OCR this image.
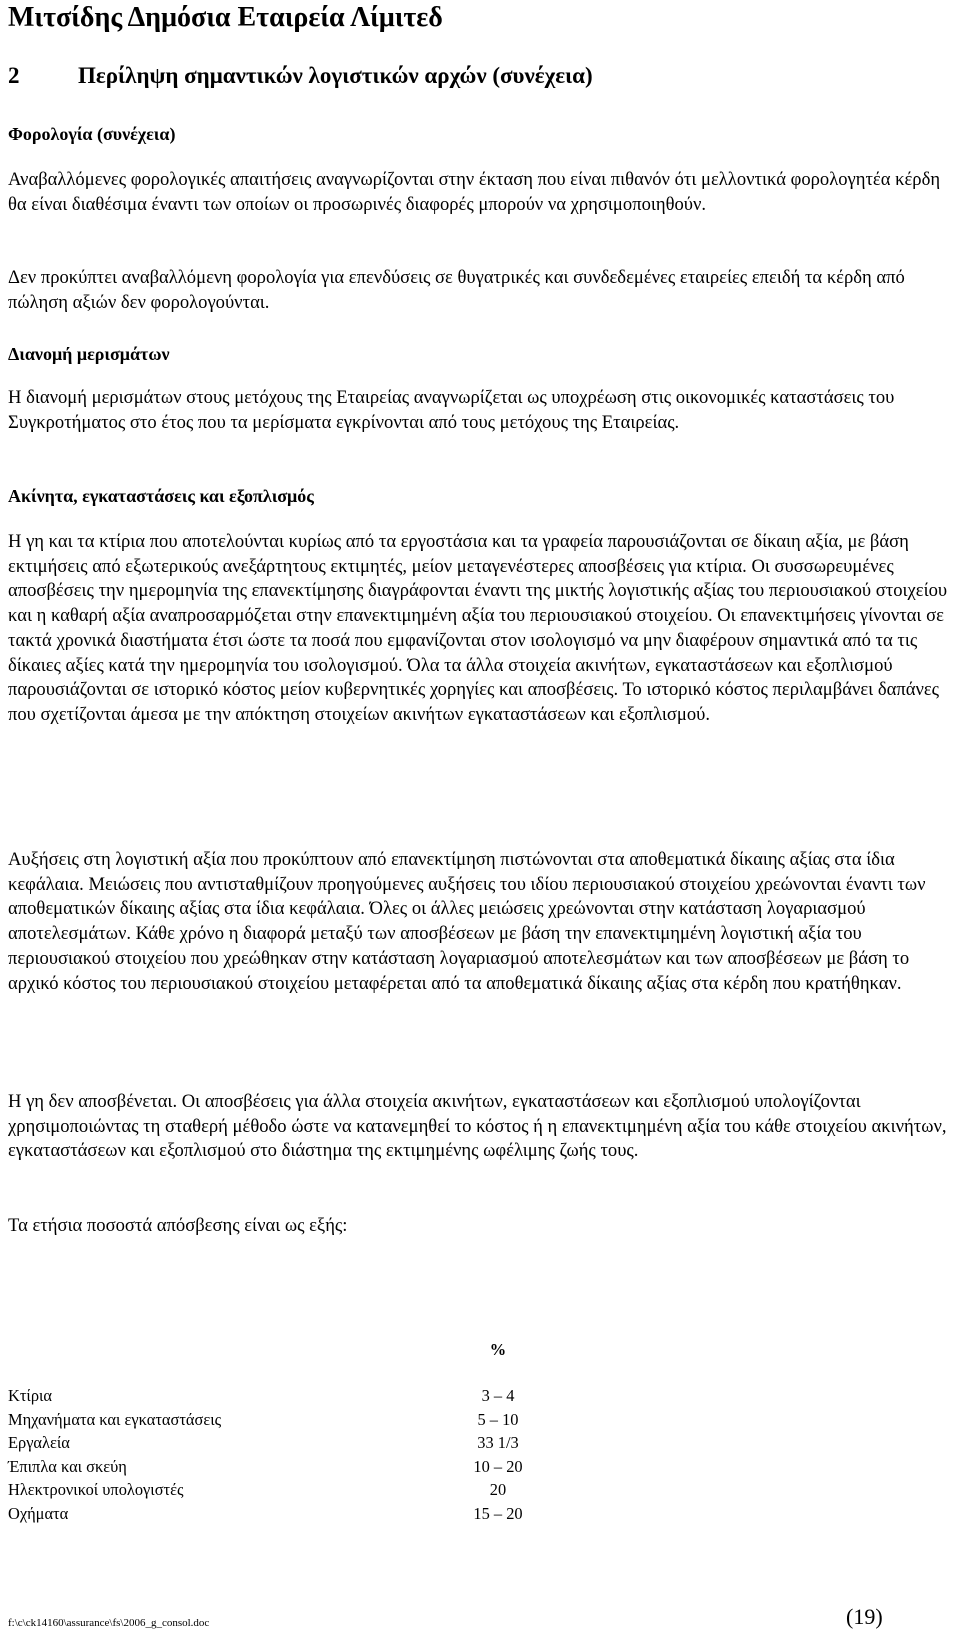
Μιτσίδης Δημόσια Εταιρεία Λίμιτεδ
2	Περίληψη σημαντικών λογιστικών αρχών (συνέχεια)
Φορολογία (συνέχεια)

Αναβαλλόμενες φορολογικές απαιτήσεις αναγνωρίζονται στην έκταση που είναι πιθανόν ότι μελλοντικά φορολογητέα κέρδη θα είναι διαθέσιμα έναντι των οποίων οι προσωρινές διαφορές μπορούν να χρησιμοποιηθούν.

Δεν προκύπτει αναβαλλόμενη φορολογία για επενδύσεις σε θυγατρικές και συνδεδεμένες εταιρείες επειδή τα κέρδη από πώληση αξιών δεν φορολογούνται.

Διανομή μερισμάτων

Η διανομή μερισμάτων στους μετόχους της Εταιρείας αναγνωρίζεται ως υποχρέωση στις οικονομικές καταστάσεις του Συγκροτήματος στο έτος που τα μερίσματα εγκρίνονται από τους μετόχους της Εταιρείας.

Ακίνητα, εγκαταστάσεις και εξοπλισμός

Η γη και τα κτίρια που αποτελούνται κυρίως από τα εργοστάσια και τα γραφεία παρουσιάζονται σε δίκαιη αξία, με βάση εκτιμήσεις από εξωτερικούς ανεξάρτητους εκτιμητές, μείον μεταγενέστερες αποσβέσεις για κτίρια. Οι συσσωρευμένες αποσβέσεις την ημερομηνία της επανεκτίμησης διαγράφονται έναντι της μικτής λογιστικής αξίας του περιουσιακού στοιχείου και η καθαρή αξία αναπροσαρμόζεται στην επανεκτιμημένη αξία του περιουσιακού στοιχείου. Οι επανεκτιμήσεις γίνονται σε τακτά χρονικά διαστήματα έτσι ώστε τα ποσά που εμφανίζονται στον ισολογισμό να μην διαφέρουν σημαντικά από τα τις δίκαιες αξίες κατά την ημερομηνία του ισολογισμού. Όλα τα άλλα στοιχεία ακινήτων, εγκαταστάσεων και εξοπλισμού παρουσιάζονται σε ιστορικό κόστος μείον κυβερνητικές χορηγίες και αποσβέσεις. Το ιστορικό κόστος περιλαμβάνει δαπάνες που σχετίζονται άμεσα με την απόκτηση στοιχείων ακινήτων εγκαταστάσεων και εξοπλισμού.

Αυξήσεις στη λογιστική αξία που προκύπτουν από επανεκτίμηση πιστώνονται στα αποθεματικά δίκαιης αξίας στα ίδια κεφάλαια. Μειώσεις που αντισταθμίζουν προηγούμενες αυξήσεις του ιδίου περιουσιακού στοιχείου χρεώνονται έναντι των αποθεματικών δίκαιης αξίας στα ίδια κεφάλαια. Όλες οι άλλες μειώσεις χρεώνονται στην κατάσταση λογαριασμού αποτελεσμάτων. Κάθε χρόνο η διαφορά μεταξύ των αποσβέσεων με βάση την επανεκτιμημένη λογιστική αξία του περιουσιακού στοιχείου που χρεώθηκαν στην κατάσταση λογαριασμού αποτελεσμάτων και των αποσβέσεων με βάση το αρχικό κόστος του περιουσιακού στοιχείου μεταφέρεται από τα αποθεματικά δίκαιης αξίας στα κέρδη που κρατήθηκαν.

Η γη δεν αποσβένεται. Οι αποσβέσεις για άλλα στοιχεία ακινήτων, εγκαταστάσεων και εξοπλισμού υπολογίζονται χρησιμοποιώντας τη σταθερή μέθοδο ώστε να κατανεμηθεί το κόστος ή η επανεκτιμημένη αξία του κάθε στοιχείου ακινήτων, εγκαταστάσεων και εξοπλισμού στο διάστημα της εκτιμημένης ωφέλιμης ζωής τους.

Τα ετήσια ποσοστά απόσβεσης είναι ως εξής:

	%

Κτίρια	3 – 4
Μηχανήματα και εγκαταστάσεις	5 – 10
Εργαλεία	33 1/3
Έπιπλα και σκεύη	10 – 20
Ηλεκτρονικοί υπολογιστές	20
Οχήματα	15 – 20
f:\c\ck14160\assurance\fs\2006_g_consol.doc	(19)
